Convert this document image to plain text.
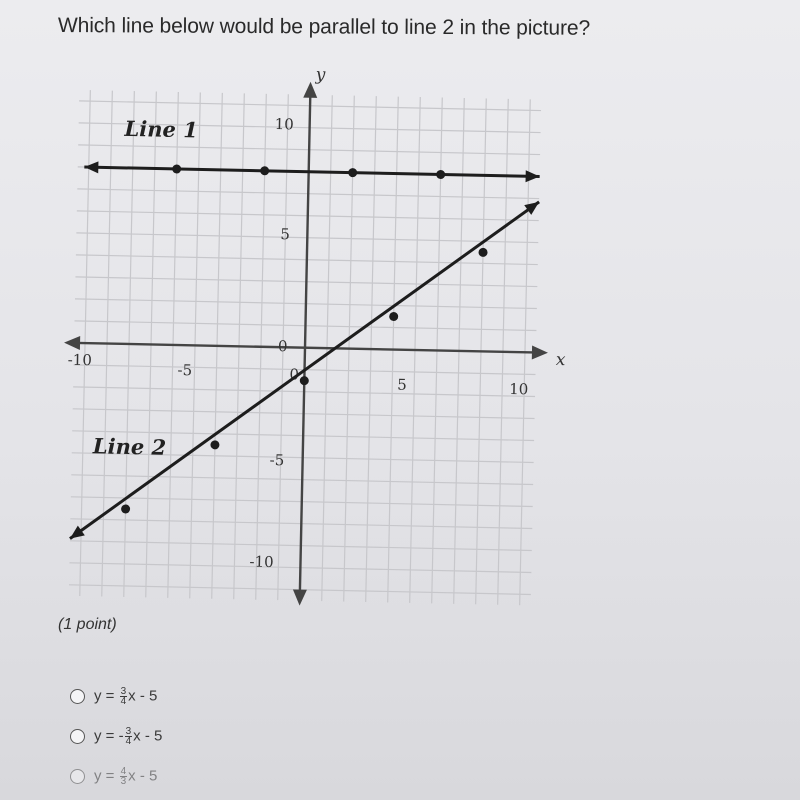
Which line below would be parallel to line 2 in the picture?
y
x
-10
-5	0
5	10
10
5
0
-5
-10
Line 1
Line 2
(1 point)
$y = \frac{3}{4}$ x - 5
y = - $\frac{3}{4}$ x - 5
$y = \frac{4}{3}$ x - 5
